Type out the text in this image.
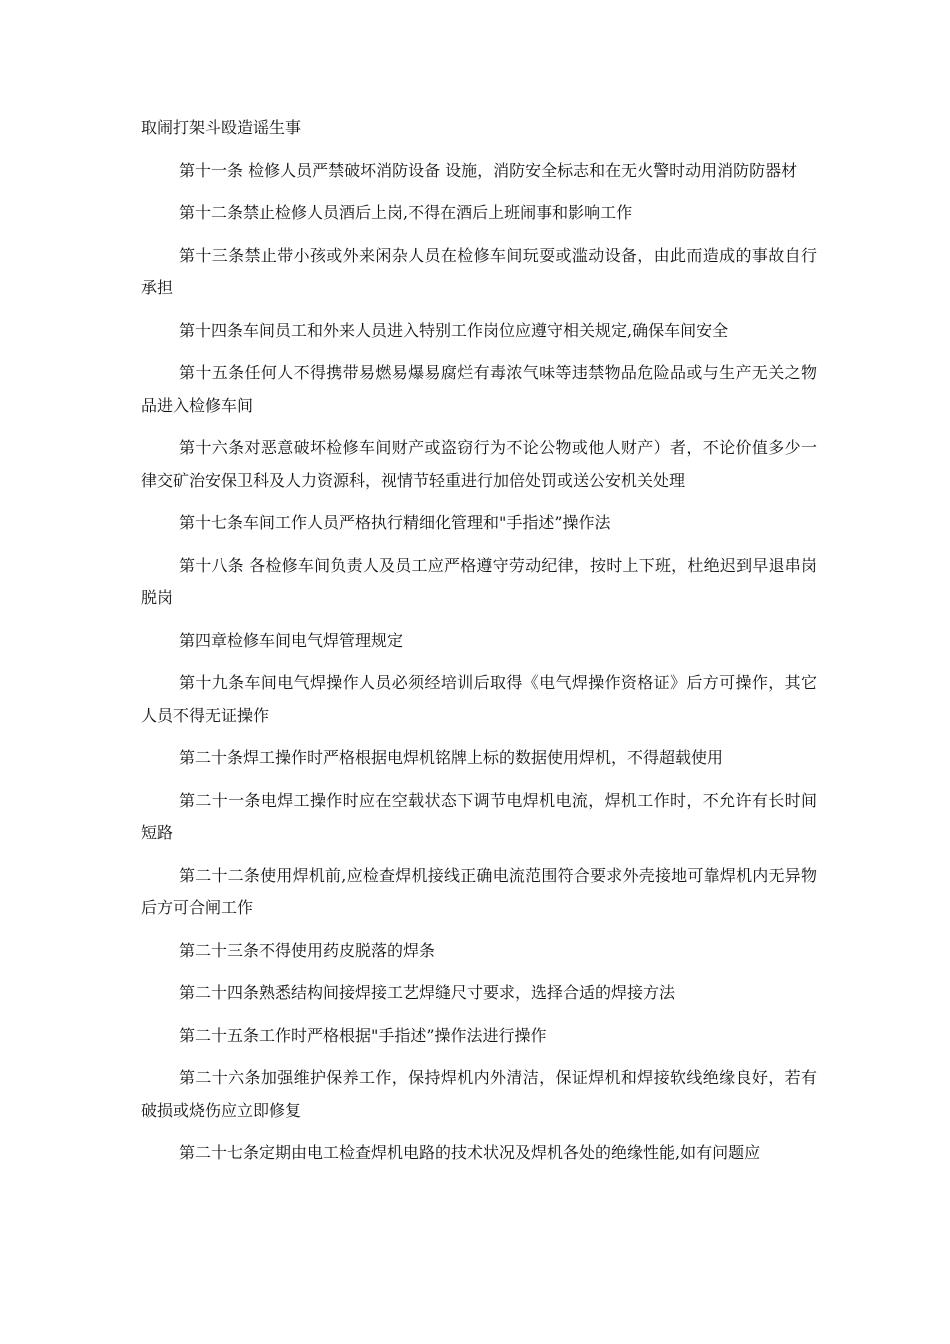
取闹打架斗殴造谣生事

第十一条 检修人员严禁破坏消防设备 设施，消防安全标志和在无火警时动用消防防器材

第十二条禁止检修人员酒后上岗,不得在酒后上班闹事和影响工作

第十三条禁止带小孩或外来闲杂人员在检修车间玩耍或滥动设备，由此而造成的事故自行承担

第十四条车间员工和外来人员进入特别工作岗位应遵守相关规定,确保车间安全

第十五条任何人不得携带易燃易爆易腐烂有毒浓气味等违禁物品危险品或与生产无关之物品进入检修车间

第十六条对恶意破坏检修车间财产或盗窃行为不论公物或他人财产）者，不论价值多少一律交矿治安保卫科及人力资源科，视情节轻重进行加倍处罚或送公安机关处理

第十七条车间工作人员严格执行精细化管理和"手指述”操作法

第十八条 各检修车间负责人及员工应严格遵守劳动纪律，按时上下班，杜绝迟到早退串岗脱岗

第四章检修车间电气焊管理规定

第十九条车间电气焊操作人员必须经培训后取得《电气焊操作资格证》后方可操作，其它人员不得无证操作

第二十条焊工操作时严格根据电焊机铭牌上标的数据使用焊机，不得超载使用

第二十一条电焊工操作时应在空载状态下调节电焊机电流，焊机工作时，不允许有长时间短路

第二十二条使用焊机前,应检查焊机接线正确电流范围符合要求外壳接地可靠焊机内无异物后方可合闸工作

第二十三条不得使用药皮脱落的焊条

第二十四条熟悉结构间接焊接工艺焊缝尺寸要求，选择合适的焊接方法

第二十五条工作时严格根据"手指述”操作法进行操作

第二十六条加强维护保养工作，保持焊机内外清洁，保证焊机和焊接软线绝缘良好，若有破损或烧伤应立即修复

第二十七条定期由电工检查焊机电路的技术状况及焊机各处的绝缘性能,如有问题应
